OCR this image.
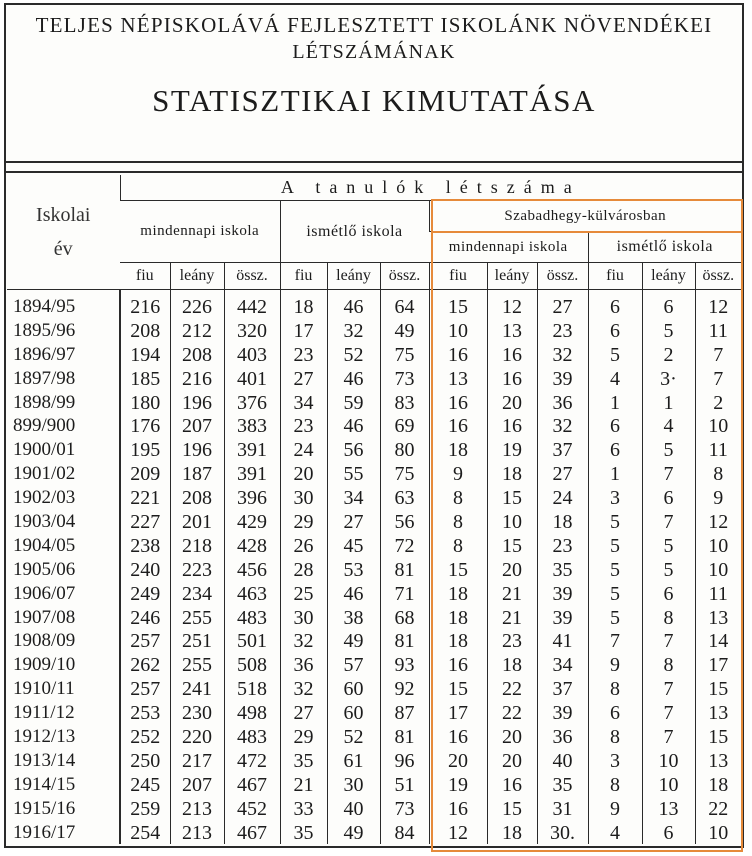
TELJES NÉPISKOLÁVÁ FEJLESZTETT ISKOLÁNK NÖVENDÉKEI
LÉTSZÁMÁNAK
STATISZTIKAI KIMUTATÁSA
Iskolai
év	A tanulók létszáma											
	mindennapi iskola			ismétlő iskola			Szabadhegy-külvárosban					
							mindennapi iskola			ismétlő iskola		
	fiu	leány	össz.	fiu	leány	össz.	fiu	leány	össz.	fiu	leány	össz.
1894/95	216	226	442	18	46	64	15	12	27	6	6	12
1895/96	208	212	320	17	32	49	10	13	23	6	5	11
1896/97	194	208	403	23	52	75	16	16	32	5	2	7
1897/98	185	216	401	27	46	73	13	16	39	4	3·	7
1898/99	180	196	376	34	59	83	16	20	36	1	1	2
899/900	176	207	383	23	46	69	16	16	32	6	4	10
1900/01	195	196	391	24	56	80	18	19	37	6	5	11
1901/02	209	187	391	20	55	75	9	18	27	1	7	8
1902/03	221	208	396	30	34	63	8	15	24	3	6	9
1903/04	227	201	429	29	27	56	8	10	18	5	7	12
1904/05	238	218	428	26	45	72	8	15	23	5	5	10
1905/06	240	223	456	28	53	81	15	20	35	5	5	10
1906/07	249	234	463	25	46	71	18	21	39	5	6	11
1907/08	246	255	483	30	38	68	18	21	39	5	8	13
1908/09	257	251	501	32	49	81	18	23	41	7	7	14
1909/10	262	255	508	36	57	93	16	18	34	9	8	17
1910/11	257	241	518	32	60	92	15	22	37	8	7	15
1911/12	253	230	498	27	60	87	17	22	39	6	7	13
1912/13	252	220	483	29	52	81	16	20	36	8	7	15
1913/14	250	217	472	35	61	96	20	20	40	3	10	13
1914/15	245	207	467	21	30	51	19	16	35	8	10	18
1915/16	259	213	452	33	40	73	16	15	31	9	13	22
1916/17	254	213	467	35	49	84	12	18	30.	4	6	10
